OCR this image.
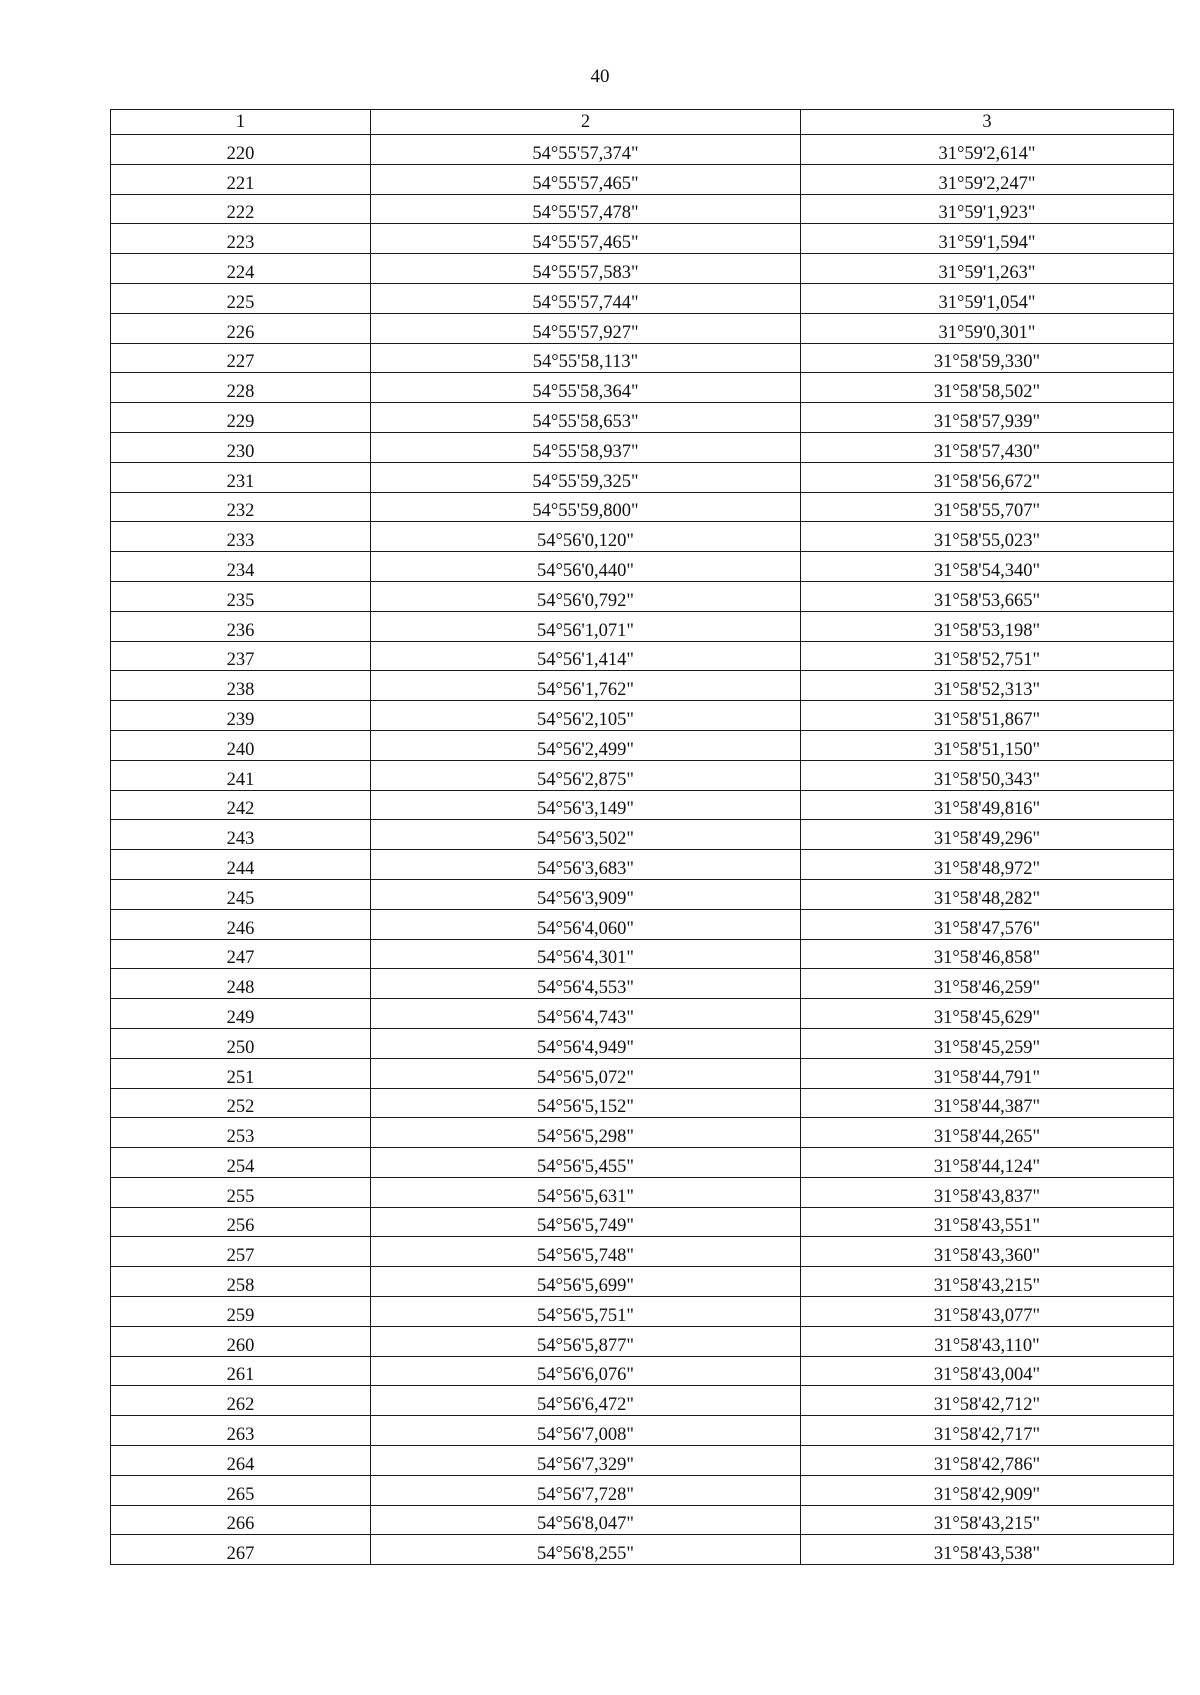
40
1	2	3
220	54°55'57,374"	31°59'2,614"
221	54°55'57,465"	31°59'2,247"
222	54°55'57,478"	31°59'1,923"
223	54°55'57,465"	31°59'1,594"
224	54°55'57,583"	31°59'1,263"
225	54°55'57,744"	31°59'1,054"
226	54°55'57,927"	31°59'0,301"
227	54°55'58,113"	31°58'59,330"
228	54°55'58,364"	31°58'58,502"
229	54°55'58,653"	31°58'57,939"
230	54°55'58,937"	31°58'57,430"
231	54°55'59,325"	31°58'56,672"
232	54°55'59,800"	31°58'55,707"
233	54°56'0,120"	31°58'55,023"
234	54°56'0,440"	31°58'54,340"
235	54°56'0,792"	31°58'53,665"
236	54°56'1,071"	31°58'53,198"
237	54°56'1,414"	31°58'52,751"
238	54°56'1,762"	31°58'52,313"
239	54°56'2,105"	31°58'51,867"
240	54°56'2,499"	31°58'51,150"
241	54°56'2,875"	31°58'50,343"
242	54°56'3,149"	31°58'49,816"
243	54°56'3,502"	31°58'49,296"
244	54°56'3,683"	31°58'48,972"
245	54°56'3,909"	31°58'48,282"
246	54°56'4,060"	31°58'47,576"
247	54°56'4,301"	31°58'46,858"
248	54°56'4,553"	31°58'46,259"
249	54°56'4,743"	31°58'45,629"
250	54°56'4,949"	31°58'45,259"
251	54°56'5,072"	31°58'44,791"
252	54°56'5,152"	31°58'44,387"
253	54°56'5,298"	31°58'44,265"
254	54°56'5,455"	31°58'44,124"
255	54°56'5,631"	31°58'43,837"
256	54°56'5,749"	31°58'43,551"
257	54°56'5,748"	31°58'43,360"
258	54°56'5,699"	31°58'43,215"
259	54°56'5,751"	31°58'43,077"
260	54°56'5,877"	31°58'43,110"
261	54°56'6,076"	31°58'43,004"
262	54°56'6,472"	31°58'42,712"
263	54°56'7,008"	31°58'42,717"
264	54°56'7,329"	31°58'42,786"
265	54°56'7,728"	31°58'42,909"
266	54°56'8,047"	31°58'43,215"
267	54°56'8,255"	31°58'43,538"
